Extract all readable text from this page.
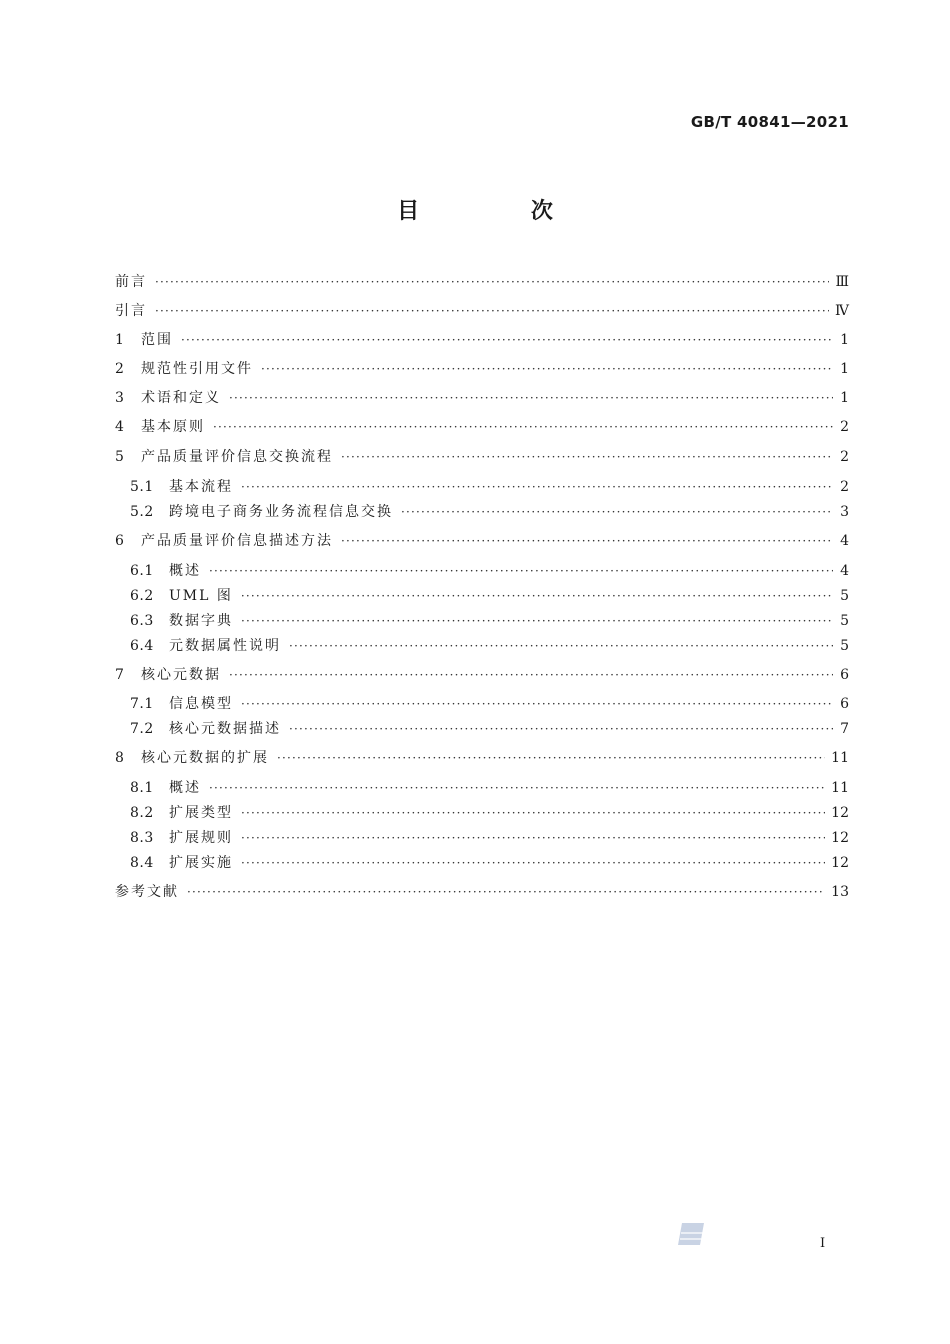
GB/T 40841—2021
目 次
前言 ·····	Ⅲ
引言 ·····	Ⅳ
1	范围 ·····	1
2	规范性引用文件 ·····	1
3	术语和定义 ·····	1
4	基本原则 ·····	2
5	产品质量评价信息交换流程 ·····	2
5.1	基本流程 ·····	2
5.2	跨境电子商务业务流程信息交换 ·····	3
6	产品质量评价信息描述方法 ·····	4
6.1	概述 ·····	4
6.2	UML 图 ·····	5
6.3	数据字典 ·····	5
6.4	元数据属性说明 ·····	5
7	核心元数据 ·····	6
7.1	信息模型 ·····	6
7.2	核心元数据描述 ·····	7
8	核心元数据的扩展 ·····	11
8.1	概述 ·····	11
8.2	扩展类型 ·····	12
8.3	扩展规则 ·····	12
8.4	扩展实施 ·····	12
参考文献 ·····	13
Ⅰ
